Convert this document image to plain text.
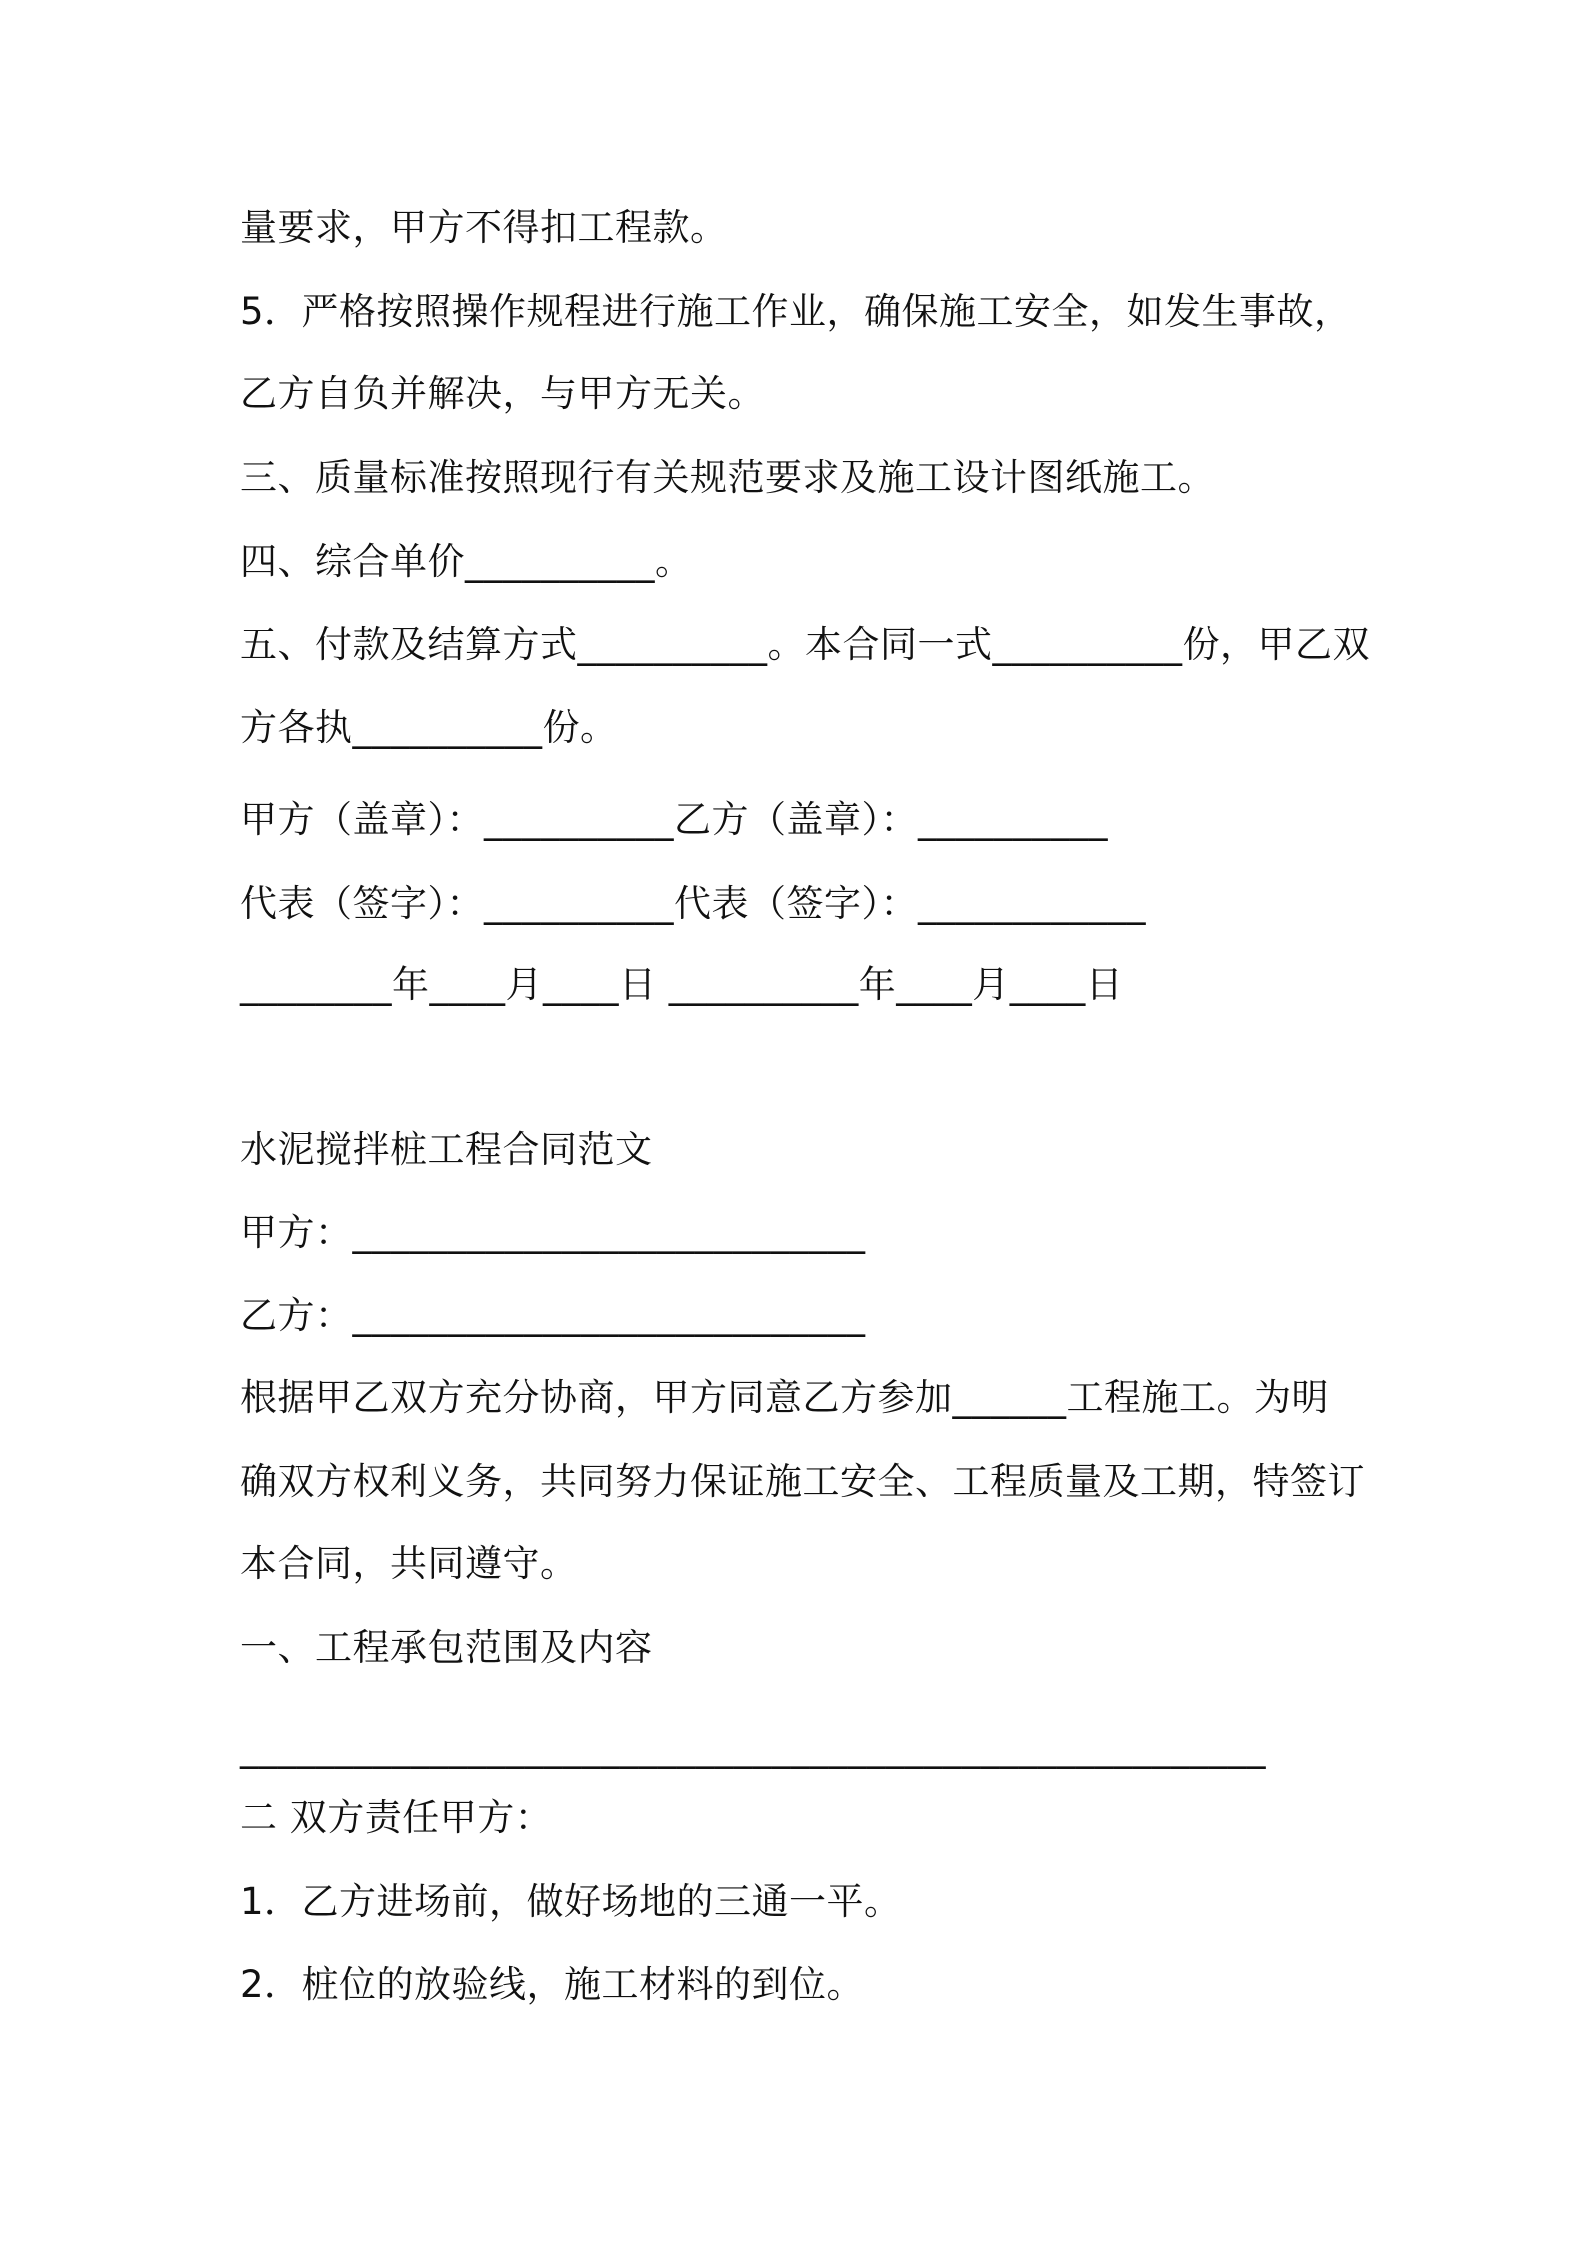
量要求，甲方不得扣工程款。
5．严格按照操作规程进行施工作业，确保施工安全，如发生事故，
乙方自负并解决，与甲方无关。
三、质量标准按照现行有关规范要求及施工设计图纸施工。
四、综合单价__________。
五、付款及结算方式__________。本合同一式__________份，甲乙双
方各执__________份。
甲方（盖章）：__________乙方（盖章）：__________
代表（签字）：__________代表（签字）：____________
________年____月____日 __________年____月____日
水泥搅拌桩工程合同范文
甲方：___________________________
乙方：___________________________
根据甲乙双方充分协商，甲方同意乙方参加______工程施工。为明
确双方权利义务，共同努力保证施工安全、工程质量及工期，特签订
本合同，共同遵守。
一、工程承包范围及内容
______________________________________________________
二 双方责任甲方：
1．乙方进场前，做好场地的三通一平。
2．桩位的放验线，施工材料的到位。
